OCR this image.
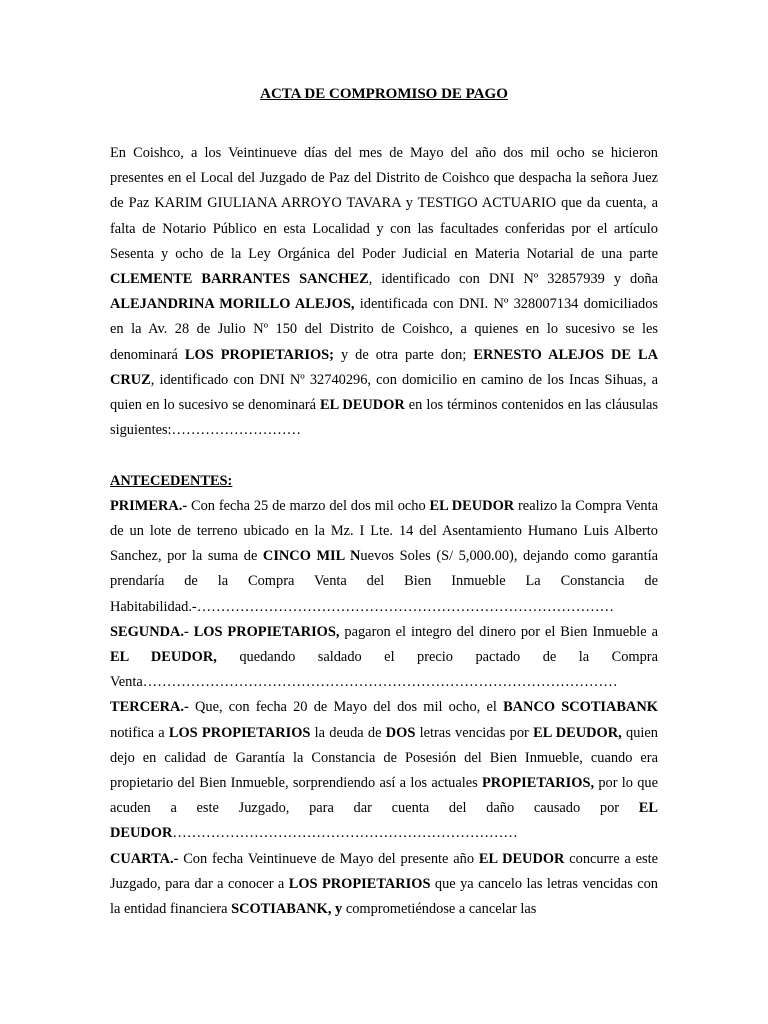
ACTA DE COMPROMISO DE PAGO

En Coishco, a los Veintinueve días del mes de Mayo del año dos mil ocho se hicieron presentes en el Local del Juzgado de Paz del Distrito de Coishco que despacha la señora Juez de Paz KARIM GIULIANA ARROYO TAVARA y TESTIGO ACTUARIO que da cuenta, a falta de Notario Público en esta Localidad y con las facultades conferidas por el artículo Sesenta y ocho de la Ley Orgánica del Poder Judicial en Materia Notarial de una parte CLEMENTE BARRANTES SANCHEZ, identificado con DNI Nº 32857939 y doña ALEJANDRINA MORILLO ALEJOS, identificada con DNI. Nº 328007134 domiciliados en la Av. 28 de Julio Nº 150 del Distrito de Coishco, a quienes en lo sucesivo se les denominará LOS PROPIETARIOS; y de otra parte don; ERNESTO ALEJOS DE LA CRUZ, identificado con DNI Nº 32740296, con domicilio en camino de los Incas Sihuas, a quien en lo sucesivo se denominará EL DEUDOR en los términos contenidos en las cláusulas siguientes:………………………

ANTECEDENTES:

PRIMERA.- Con fecha 25 de marzo del dos mil ocho EL DEUDOR realizo la Compra Venta de un lote de terreno ubicado en la Mz. I Lte. 14 del Asentamiento Humano Luis Alberto Sanchez, por la suma de CINCO MIL Nuevos Soles (S/ 5,000.00), dejando como garantía prendaría de la Compra Venta del Bien Inmueble La Constancia de Habitabilidad.-……………………………………………………………………………

SEGUNDA.- LOS PROPIETARIOS, pagaron el integro del dinero por el Bien Inmueble a EL DEUDOR, quedando saldado el precio pactado de la Compra Venta………………………………………………………………………………………

TERCERA.- Que, con fecha 20 de Mayo del dos mil ocho, el BANCO SCOTIABANK notifica a LOS PROPIETARIOS la deuda de DOS letras vencidas por EL DEUDOR, quien dejo en calidad de Garantía la Constancia de Posesión del Bien Inmueble, cuando era propietario del Bien Inmueble, sorprendiendo así a los actuales PROPIETARIOS, por lo que acuden a este Juzgado, para dar cuenta del daño causado por EL DEUDOR………………………………………………………………

CUARTA.- Con fecha Veintinueve de Mayo del presente año EL DEUDOR concurre a este Juzgado, para dar a conocer a LOS PROPIETARIOS que ya cancelo las letras vencidas con la entidad financiera SCOTIABANK, y comprometiéndose a cancelar las
